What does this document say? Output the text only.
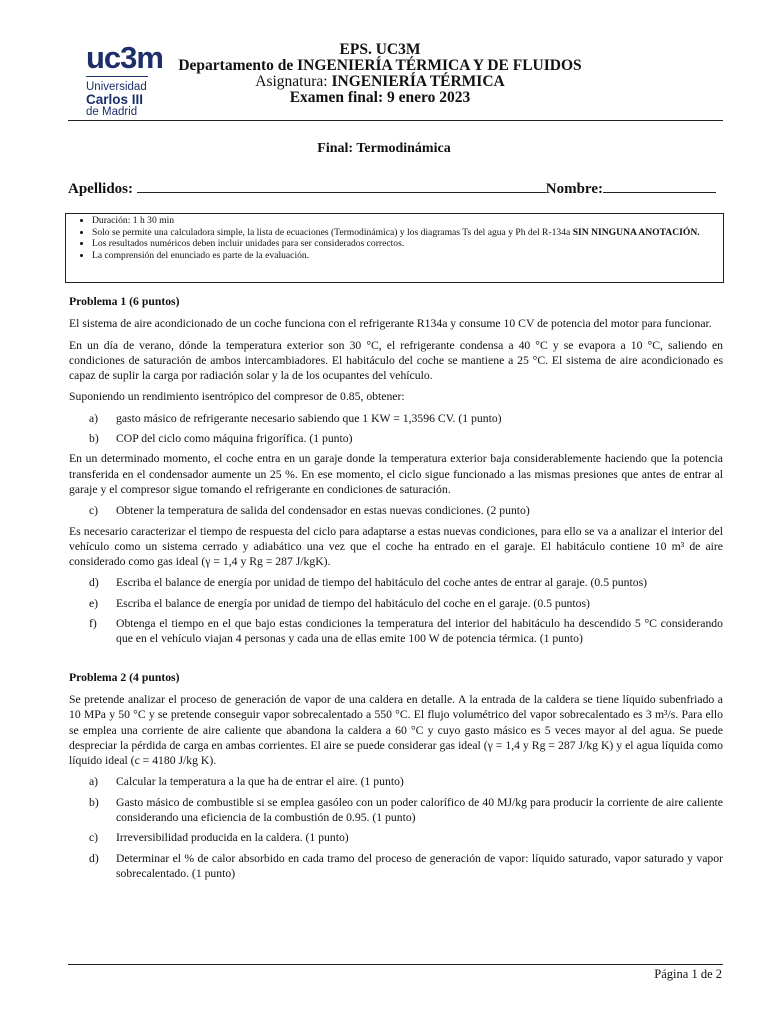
uc3m
Universidad
Carlos III
de Madrid
EPS. UC3M
Departamento de INGENIERÍA TÉRMICA Y DE FLUIDOS
Asignatura: INGENIERÍA TÉRMICA
Examen final: 9 enero 2023
Final: Termodinámica
Apellidos:	Nombre:
• Duración: 1 h 30 min
• Solo se permite una calculadora simple, la lista de ecuaciones (Termodinámica) y los diagramas Ts del agua y Ph del R-134a SIN NINGUNA ANOTACIÓN.
• Los resultados numéricos deben incluir unidades para ser considerados correctos.
• La comprensión del enunciado es parte de la evaluación.

Problema 1 (6 puntos)

El sistema de aire acondicionado de un coche funciona con el refrigerante R134a y consume 10 CV de potencia del motor para funcionar.

En un día de verano, dónde la temperatura exterior son 30 °C, el refrigerante condensa a 40 °C y se evapora a 10 °C, saliendo en condiciones de saturación de ambos intercambiadores. El habitáculo del coche se mantiene a 25 °C. El sistema de aire acondicionado es capaz de suplir la carga por radiación solar y la de los ocupantes del vehículo.

Suponiendo un rendimiento isentrópico del compresor de 0.85, obtener:

a)	gasto másico de refrigerante necesario sabiendo que 1 KW = 1,3596 CV. (1 punto)
b)	COP del ciclo como máquina frigorífica. (1 punto)

En un determinado momento, el coche entra en un garaje donde la temperatura exterior baja considerablemente haciendo que la potencia transferida en el condensador aumente un 25 %. En ese momento, el ciclo sigue funcionado a las mismas presiones que antes de entrar al garaje y el compresor sigue tomando el refrigerante en condiciones de saturación.

c)	Obtener la temperatura de salida del condensador en estas nuevas condiciones. (2 punto)

Es necesario caracterizar el tiempo de respuesta del ciclo para adaptarse a estas nuevas condiciones, para ello se va a analizar el interior del vehículo como un sistema cerrado y adiabático una vez que el coche ha entrado en el garaje. El habitáculo contiene 10 m³ de aire considerado como gas ideal (γ = 1,4 y Rg = 287 J/kgK).

d)	Escriba el balance de energía por unidad de tiempo del habitáculo del coche antes de entrar al garaje. (0.5 puntos)
e)	Escriba el balance de energía por unidad de tiempo del habitáculo del coche en el garaje. (0.5 puntos)
f)	Obtenga el tiempo en el que bajo estas condiciones la temperatura del interior del habitáculo ha descendido 5 °C considerando que en el vehículo viajan 4 personas y cada una de ellas emite 100 W de potencia térmica. (1 punto)

Problema 2 (4 puntos)

Se pretende analizar el proceso de generación de vapor de una caldera en detalle. A la entrada de la caldera se tiene líquido subenfriado a 10 MPa y 50 °C y se pretende conseguir vapor sobrecalentado a 550 °C. El flujo volumétrico del vapor sobrecalentado es 3 m³/s. Para ello se emplea una corriente de aire caliente que abandona la caldera a 60 °C y cuyo gasto másico es 5 veces mayor al del agua. Se puede despreciar la pérdida de carga en ambas corrientes. El aire se puede considerar gas ideal (γ = 1,4 y Rg = 287 J/kg K) y el agua líquida como líquido ideal (c = 4180 J/kg K).

a)	Calcular la temperatura a la que ha de entrar el aire. (1 punto)
b)	Gasto másico de combustible si se emplea gasóleo con un poder calorífico de 40 MJ/kg para producir la corriente de aire caliente considerando una eficiencia de la combustión de 0.95. (1 punto)
c)	Irreversibilidad producida en la caldera. (1 punto)
d)	Determinar el % de calor absorbido en cada tramo del proceso de generación de vapor: líquido saturado, vapor saturado y vapor sobrecalentado. (1 punto)
Página 1 de 2
